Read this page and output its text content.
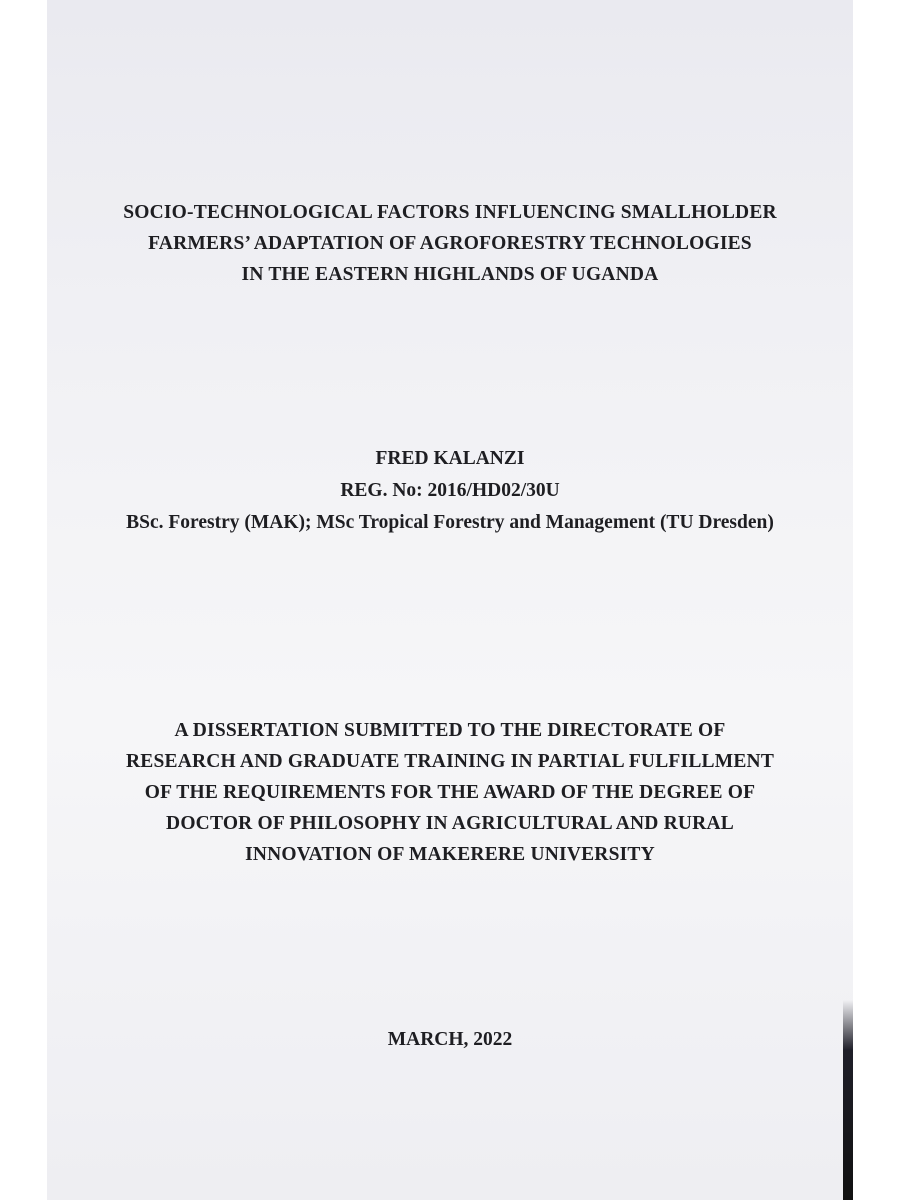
SOCIO-TECHNOLOGICAL FACTORS INFLUENCING SMALLHOLDER
FARMERS’ ADAPTATION OF AGROFORESTRY TECHNOLOGIES
IN THE EASTERN HIGHLANDS OF UGANDA
FRED KALANZI
REG. No: 2016/HD02/30U
BSc. Forestry (MAK); MSc Tropical Forestry and Management (TU Dresden)
A DISSERTATION SUBMITTED TO THE DIRECTORATE OF
RESEARCH AND GRADUATE TRAINING IN PARTIAL FULFILLMENT
OF THE REQUIREMENTS FOR THE AWARD OF THE DEGREE OF
DOCTOR OF PHILOSOPHY IN AGRICULTURAL AND RURAL
INNOVATION OF MAKERERE UNIVERSITY
MARCH, 2022
